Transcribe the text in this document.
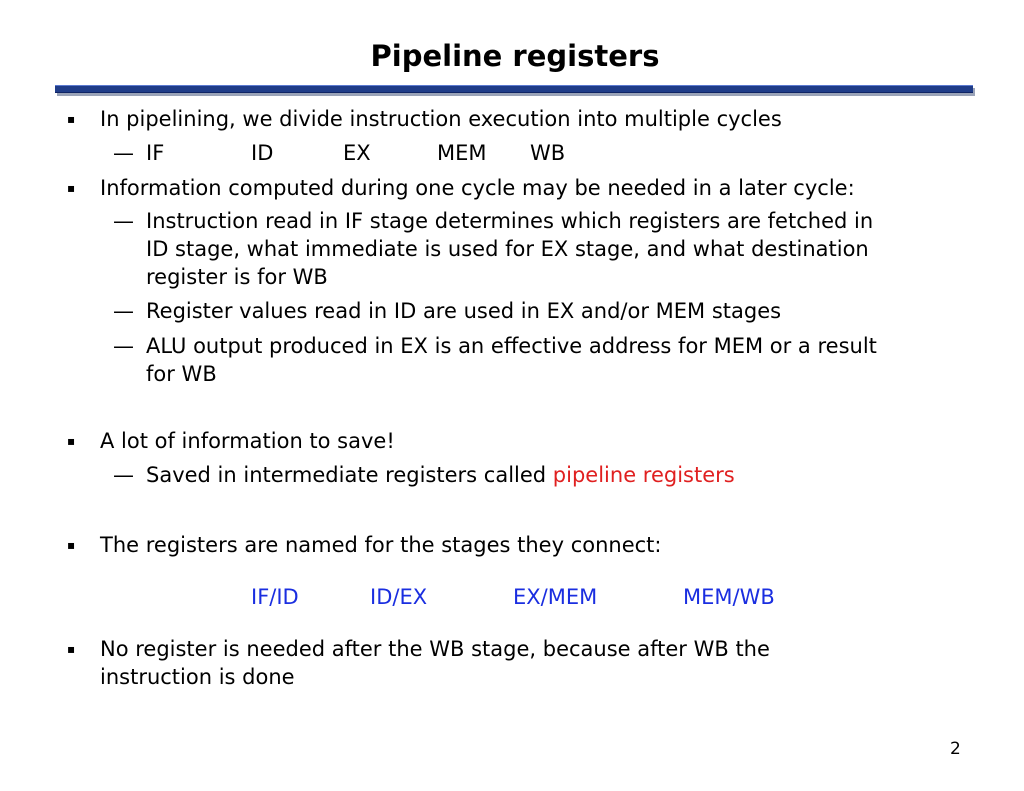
Pipeline registers
▪ In pipelining, we divide instruction execution into multiple cycles
— IF	ID	EX	MEM WB
▪ Information computed during one cycle may be needed in a later cycle:
— Instruction read in IF stage determines which registers are fetched in
ID stage, what immediate is used for EX stage, and what destination
register is for WB
— Register values read in ID are used in EX and/or MEM stages
— ALU output produced in EX is an effective address for MEM or a result
for WB
▪ A lot of information to save!
— Saved in intermediate registers called pipeline registers
▪ The registers are named for the stages they connect:
IF/ID	ID/EX	EX/MEM	MEM/WB
▪ No register is needed after the WB stage, because after WB the
instruction is done
2
